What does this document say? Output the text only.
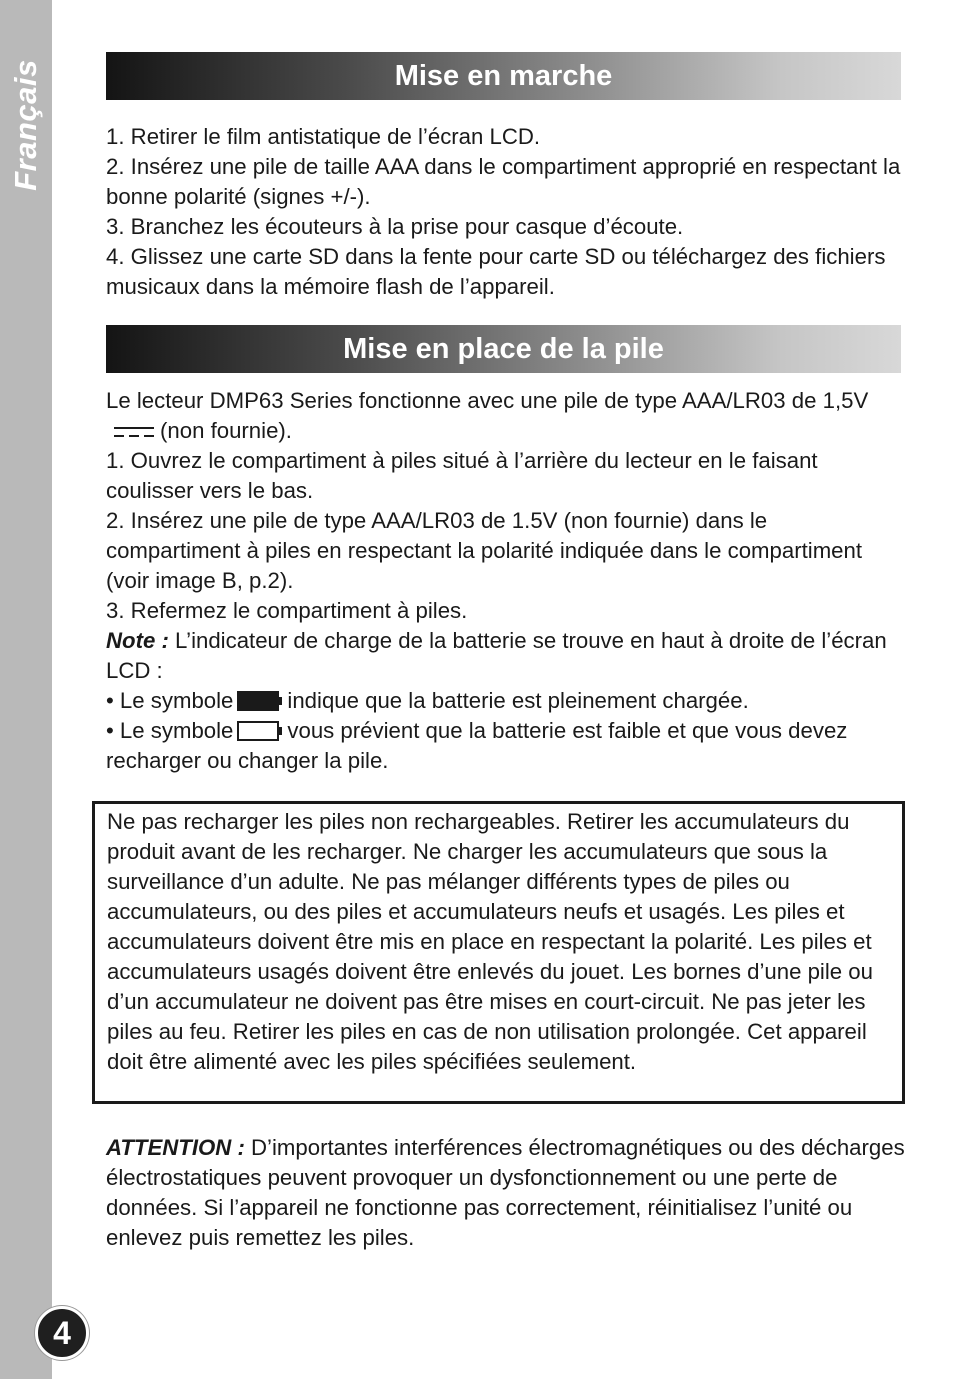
Français
4
Mise en marche

1. Retirer le film antistatique de l’écran LCD.

2. Insérez une pile de taille AAA dans le compartiment approprié en respectant la bonne polarité (signes +/-).

3. Branchez les écouteurs à la prise pour casque d’écoute.

4. Glissez une carte SD dans la fente pour carte SD ou téléchargez des fichiers musicaux dans la mémoire flash de l’appareil.

Mise en place de la pile

Le lecteur DMP63 Series fonctionne avec une pile de type AAA/LR03 de 1,5V(non fournie).

1. Ouvrez le compartiment à piles situé à l’arrière du lecteur en le faisant coulisser vers le bas.

2. Insérez une pile de type AAA/LR03 de 1.5V (non fournie) dans le compartiment à piles en respectant la polarité indiquée dans le compartiment (voir image B, p.2).

3. Refermez le compartiment à piles.

Note : L’indicateur de charge de la batterie se trouve en haut à droite de l’écran LCD :

• Le symbole indique que la batterie est pleinement chargée.

• Le symbole vous prévient que la batterie est faible et que vous devez recharger ou changer la pile.

Ne pas recharger les piles non rechargeables. Retirer les accumulateurs du produit avant de les recharger. Ne charger les accumulateurs que sous la surveillance d’un adulte. Ne pas mélanger différents types de piles ou accumulateurs, ou des piles et accumulateurs neufs et usagés. Les piles et accumulateurs doivent être mis en place en respectant la polarité. Les piles et accumulateurs usagés doivent être enlevés du jouet. Les bornes d’une pile ou d’un accumulateur ne doivent pas être mises en court-circuit. Ne pas jeter les piles au feu. Retirer les piles en cas de non utilisation prolongée. Cet appareil doit être alimenté avec les piles spécifiées seulement.

ATTENTION : D’importantes interférences électromagnétiques ou des décharges électrostatiques peuvent provoquer un dysfonctionnement ou une perte de données. Si l’appareil ne fonctionne pas correctement, réinitialisez l’unité ou enlevez puis remettez les piles.
